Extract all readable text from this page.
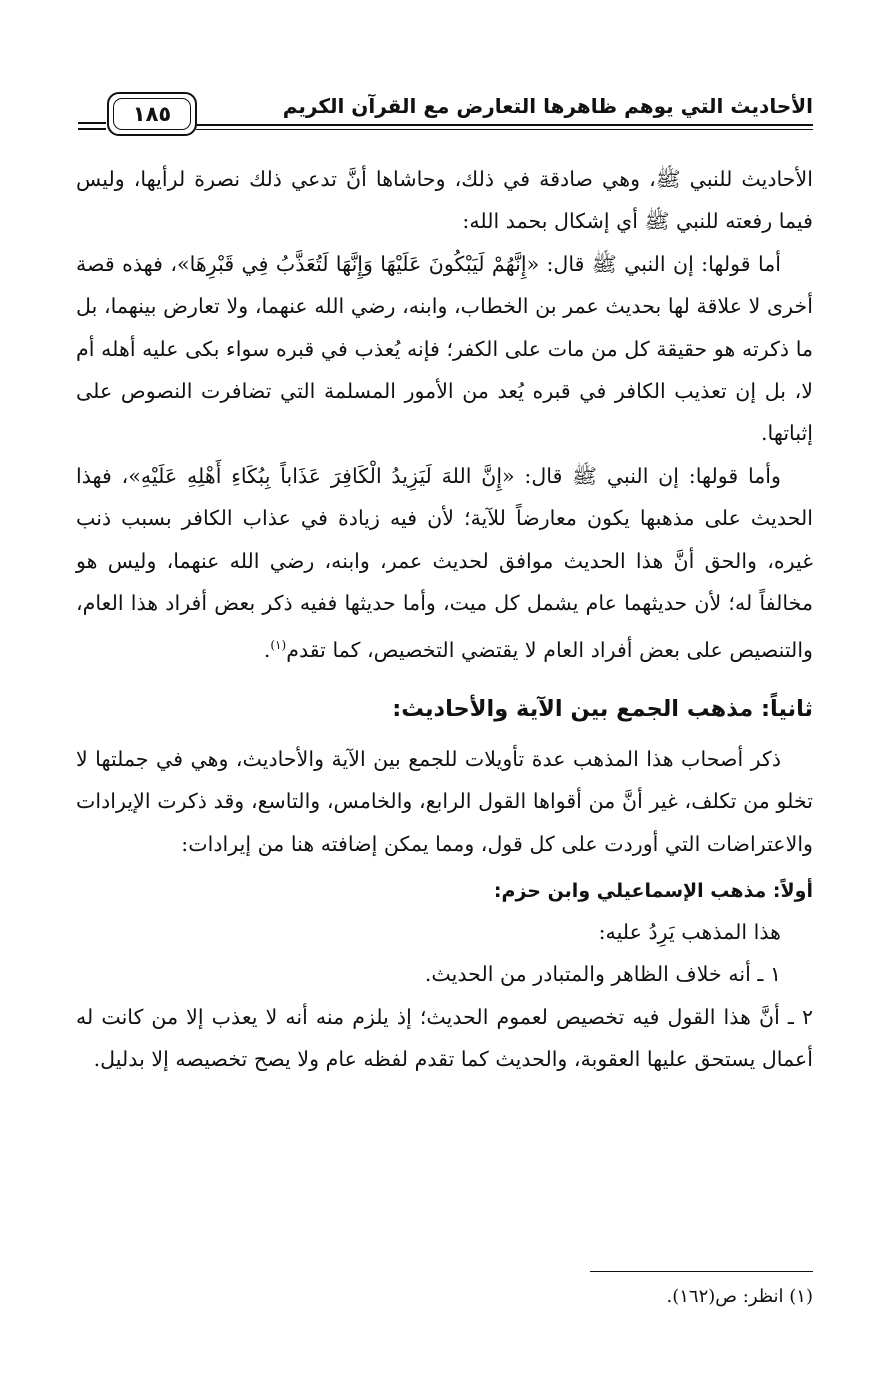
الأحاديث التي يوهم ظاهرها التعارض مع القرآن الكريم
١٨٥

الأحاديث للنبي ﷺ، وهي صادقة في ذلك، وحاشاها أنَّ تدعي ذلك نصرة لرأيها، وليس فيما رفعته للنبي ﷺ أي إشكال بحمد الله:

أما قولها: إن النبي ﷺ قال: «إِنَّهُمْ لَيَبْكُونَ عَلَيْهَا وَإِنَّهَا لَتُعَذَّبُ فِي قَبْرِهَا»، فهذه قصة أخرى لا علاقة لها بحديث عمر بن الخطاب، وابنه، رضي الله عنهما، ولا تعارض بينهما، بل ما ذكرته هو حقيقة كل من مات على الكفر؛ فإنه يُعذب في قبره سواء بكى عليه أهله أم لا، بل إن تعذيب الكافر في قبره يُعد من الأمور المسلمة التي تضافرت النصوص على إثباتها.

وأما قولها: إن النبي ﷺ قال: «إِنَّ اللهَ لَيَزِيدُ الْكَافِرَ عَذَاباً بِبُكَاءِ أَهْلِهِ عَلَيْهِ»، فهذا الحديث على مذهبها يكون معارضاً للآية؛ لأن فيه زيادة في عذاب الكافر بسبب ذنب غيره، والحق أنَّ هذا الحديث موافق لحديث عمر، وابنه، رضي الله عنهما، وليس هو مخالفاً له؛ لأن حديثهما عام يشمل كل ميت، وأما حديثها ففيه ذكر بعض أفراد هذا العام، والتنصيص على بعض أفراد العام لا يقتضي التخصيص، كما تقدم$^{(١)}$.

ثانياً: مذهب الجمع بين الآية والأحاديث:

ذكر أصحاب هذا المذهب عدة تأويلات للجمع بين الآية والأحاديث، وهي في جملتها لا تخلو من تكلف، غير أنَّ من أقواها القول الرابع، والخامس، والتاسع، وقد ذكرت الإيرادات والاعتراضات التي أوردت على كل قول، ومما يمكن إضافته هنا من إيرادات:

أولاً: مذهب الإسماعيلي وابن حزم:

هذا المذهب يَرِدُ عليه:

١ ـ أنه خلاف الظاهر والمتبادر من الحديث.

٢ ـ أنَّ هذا القول فيه تخصيص لعموم الحديث؛ إذ يلزم منه أنه لا يعذب إلا من كانت له أعمال يستحق عليها العقوبة، والحديث كما تقدم لفظه عام ولا يصح تخصيصه إلا بدليل.

(١) انظر: ص(١٦٢).
